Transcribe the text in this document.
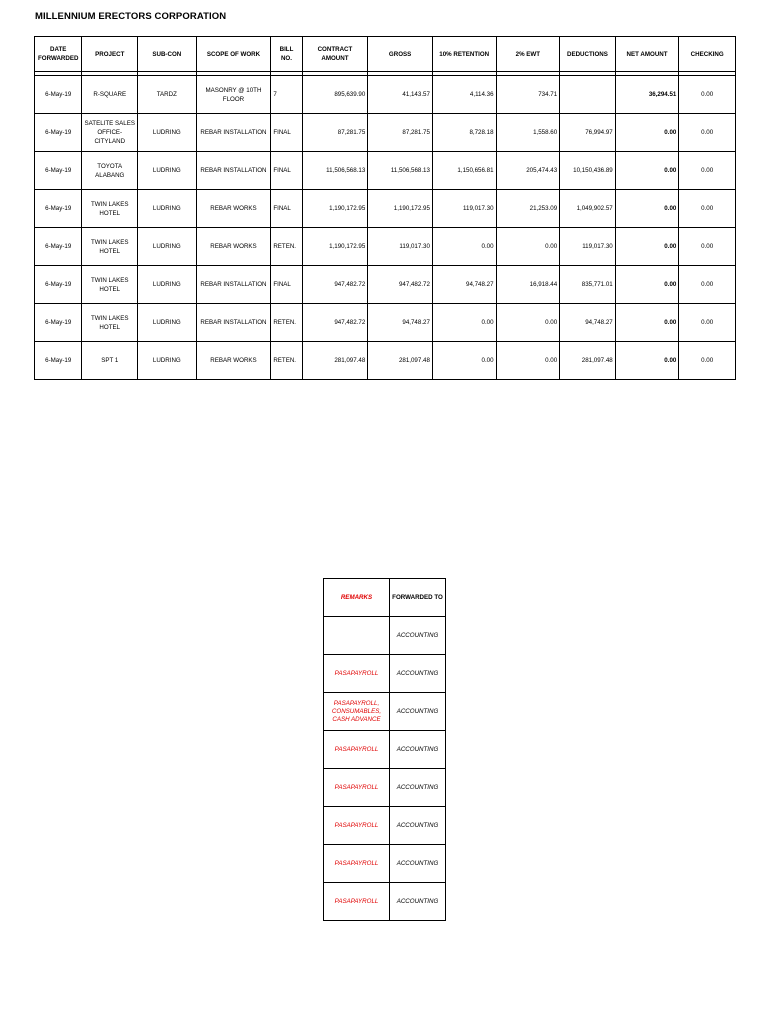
MILLENNIUM ERECTORS CORPORATION
DATE FORWARDED	PROJECT	SUB-CON	SCOPE OF WORK	BILL NO.	CONTRACT AMOUNT	GROSS	10% RETENTION	2% EWT	DEDUCTIONS	NET AMOUNT	CHECKING

6-May-19	R-SQUARE	TARDZ	MASONRY @ 10TH FLOOR	7	895,639.90	41,143.57	4,114.36	734.71		36,294.51	0.00
6-May-19	SATELITE SALES OFFICE-CITYLAND	LUDRING	REBAR INSTALLATION	FINAL	87,281.75	87,281.75	8,728.18	1,558.60	76,994.97	0.00	0.00
6-May-19	TOYOTA ALABANG	LUDRING	REBAR INSTALLATION	FINAL	11,506,568.13	11,506,568.13	1,150,656.81	205,474.43	10,150,436.89	0.00	0.00
6-May-19	TWIN LAKES HOTEL	LUDRING	REBAR WORKS	FINAL	1,190,172.95	1,190,172.95	119,017.30	21,253.09	1,049,902.57	0.00	0.00
6-May-19	TWIN LAKES HOTEL	LUDRING	REBAR WORKS	RETEN.	1,190,172.95	119,017.30	0.00	0.00	119,017.30	0.00	0.00
6-May-19	TWIN LAKES HOTEL	LUDRING	REBAR INSTALLATION	FINAL	947,482.72	947,482.72	94,748.27	16,918.44	835,771.01	0.00	0.00
6-May-19	TWIN LAKES HOTEL	LUDRING	REBAR INSTALLATION	RETEN.	947,482.72	94,748.27	0.00	0.00	94,748.27	0.00	0.00
6-May-19	SPT 1	LUDRING	REBAR WORKS	RETEN.	281,097.48	281,097.48	0.00	0.00	281,097.48	0.00	0.00
REMARKS	FORWARDED TO
	ACCOUNTING
PASAPAYROLL	ACCOUNTING
PASAPAYROLL, CONSUMABLES, CASH ADVANCE	ACCOUNTING
PASAPAYROLL	ACCOUNTING
PASAPAYROLL	ACCOUNTING
PASAPAYROLL	ACCOUNTING
PASAPAYROLL	ACCOUNTING
PASAPAYROLL	ACCOUNTING
